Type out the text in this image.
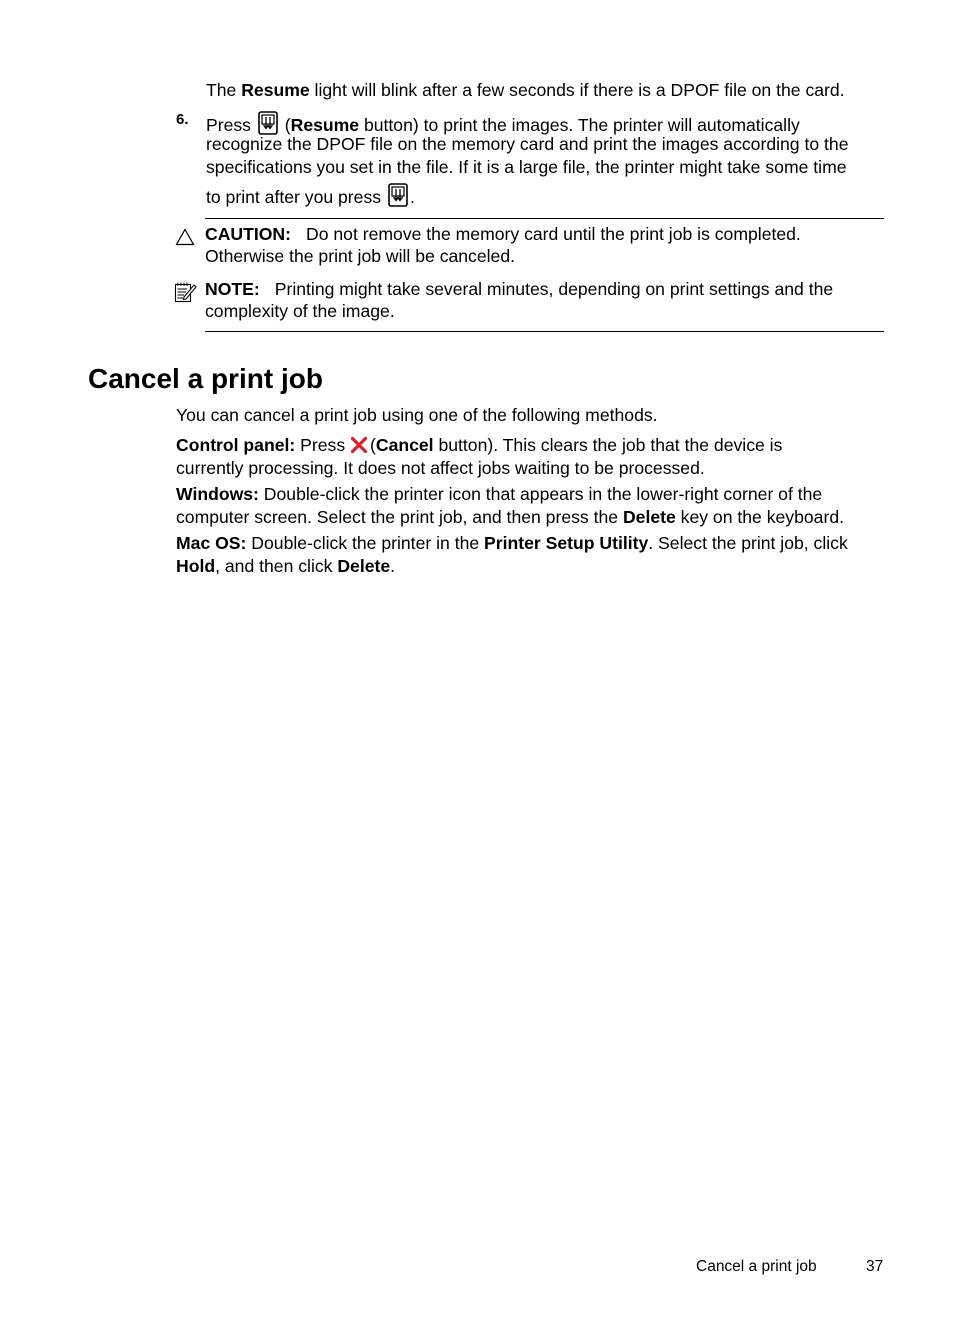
The Resume light will blink after a few seconds if there is a DPOF file on the card.
6. Press  (Resume button) to print the images. The printer will automatically
recognize the DPOF file on the memory card and print the images according to the
specifications you set in the file. If it is a large file, the printer might take some time
to print after you press .
CAUTION: Do not remove the memory card until the print job is completed.
Otherwise the print job will be canceled.
NOTE: Printing might take several minutes, depending on print settings and the
complexity of the image.
Cancel a print job
You can cancel a print job using one of the following methods.
Control panel: Press (Cancel button). This clears the job that the device is
currently processing. It does not affect jobs waiting to be processed.
Windows: Double-click the printer icon that appears in the lower-right corner of the
computer screen. Select the print job, and then press the Delete key on the keyboard.
Mac OS: Double-click the printer in the Printer Setup Utility. Select the print job, click
Hold, and then click Delete.
Cancel a print job	37
